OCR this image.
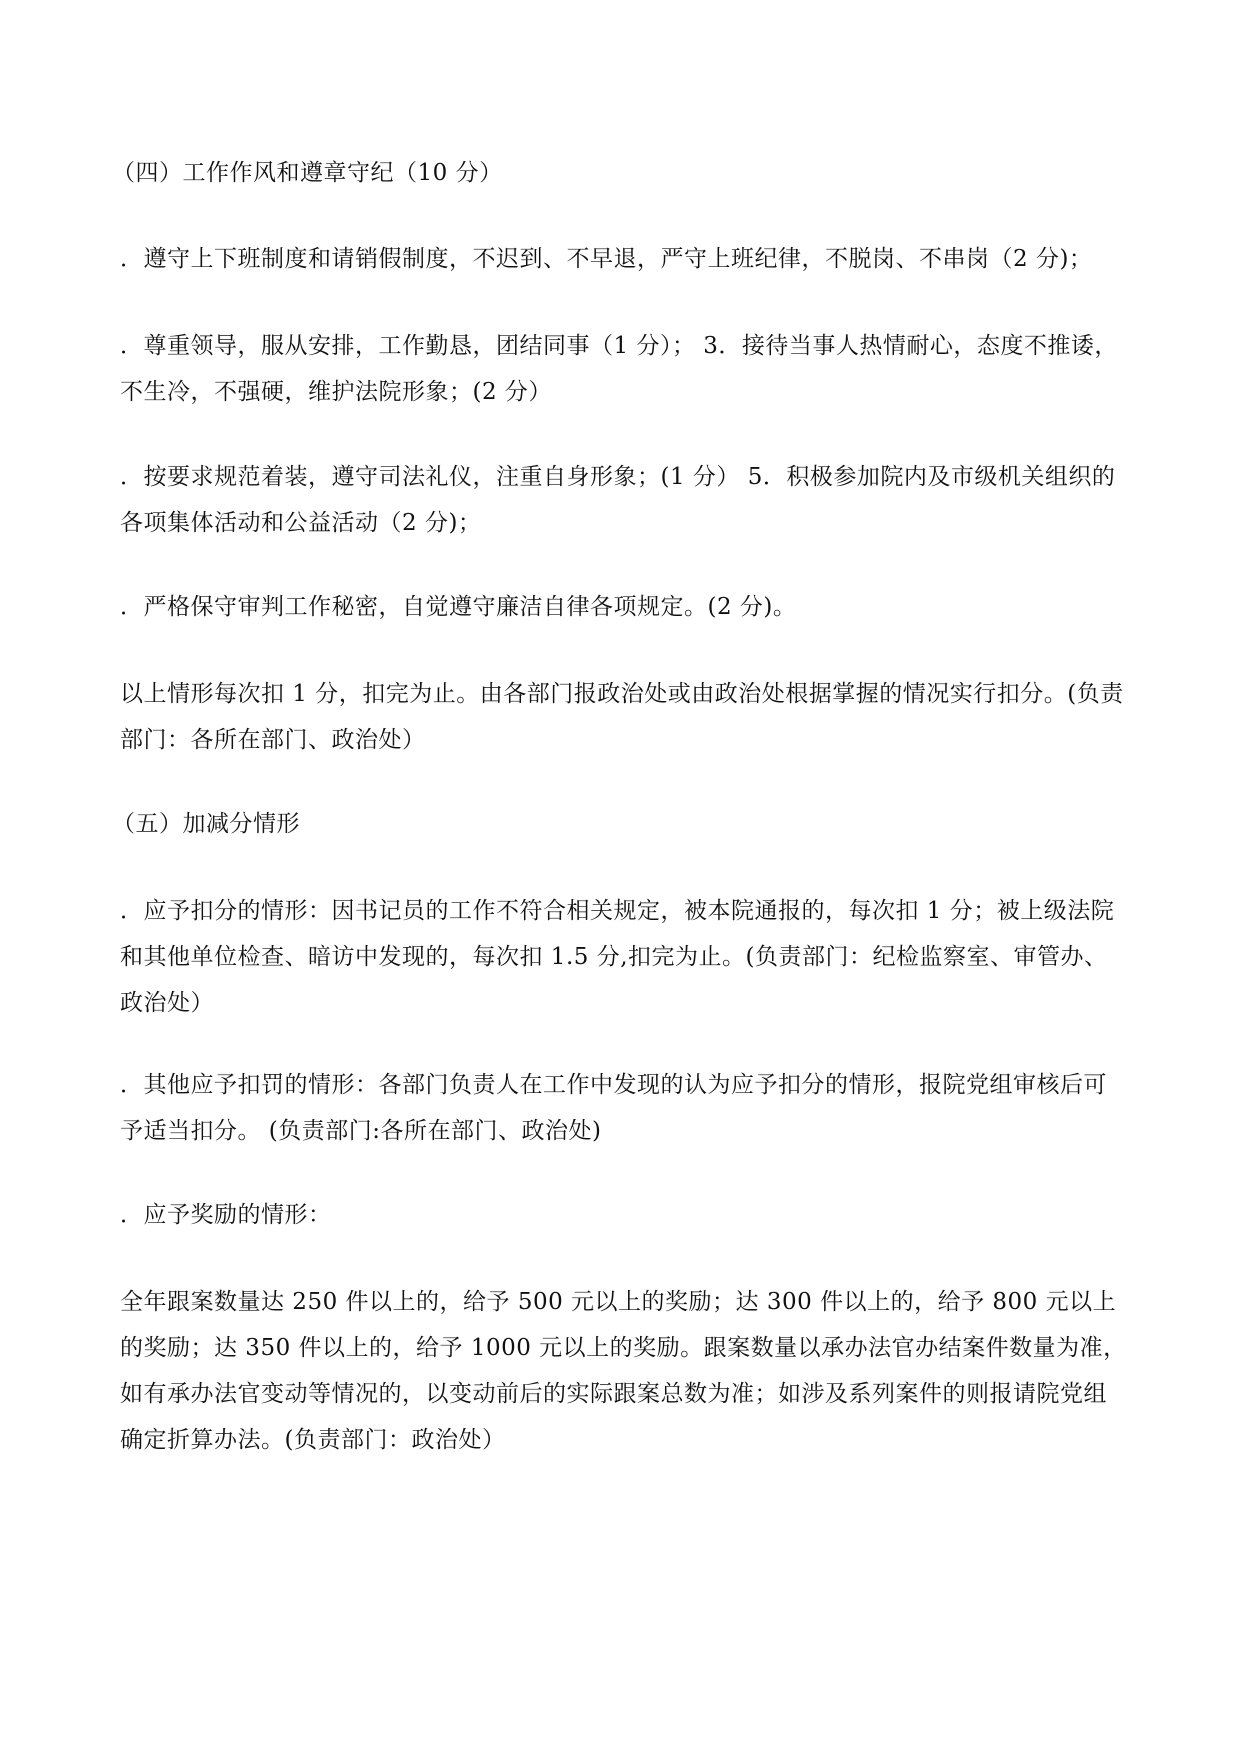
（四）工作作风和遵章守纪（10 分）

．遵守上下班制度和请销假制度，不迟到、不早退，严守上班纪律，不脱岗、不串岗（2 分)；

．尊重领导，服从安排，工作勤恳，团结同事（1 分）； 3．接待当事人热情耐心，态度不推诿，不生冷，不强硬，维护法院形象；(2 分）

．按要求规范着装，遵守司法礼仪，注重自身形象；(1 分） 5．积极参加院内及市级机关组织的各项集体活动和公益活动（2 分)；

．严格保守审判工作秘密，自觉遵守廉洁自律各项规定。(2 分)。

以上情形每次扣 1 分，扣完为止。由各部门报政治处或由政治处根据掌握的情况实行扣分。(负责部门：各所在部门、政治处）

（五）加减分情形

．应予扣分的情形：因书记员的工作不符合相关规定，被本院通报的，每次扣 1 分；被上级法院和其他单位检查、暗访中发现的，每次扣 1.5 分,扣完为止。(负责部门：纪检监察室、审管办、政治处）

．其他应予扣罚的情形：各部门负责人在工作中发现的认为应予扣分的情形，报院党组审核后可予适当扣分。 (负责部门:各所在部门、政治处)

．应予奖励的情形：

全年跟案数量达 250 件以上的，给予 500 元以上的奖励；达 300 件以上的，给予 800 元以上的奖励；达 350 件以上的，给予 1000 元以上的奖励。跟案数量以承办法官办结案件数量为准，如有承办法官变动等情况的，以变动前后的实际跟案总数为准；如涉及系列案件的则报请院党组确定折算办法。(负责部门：政治处）
